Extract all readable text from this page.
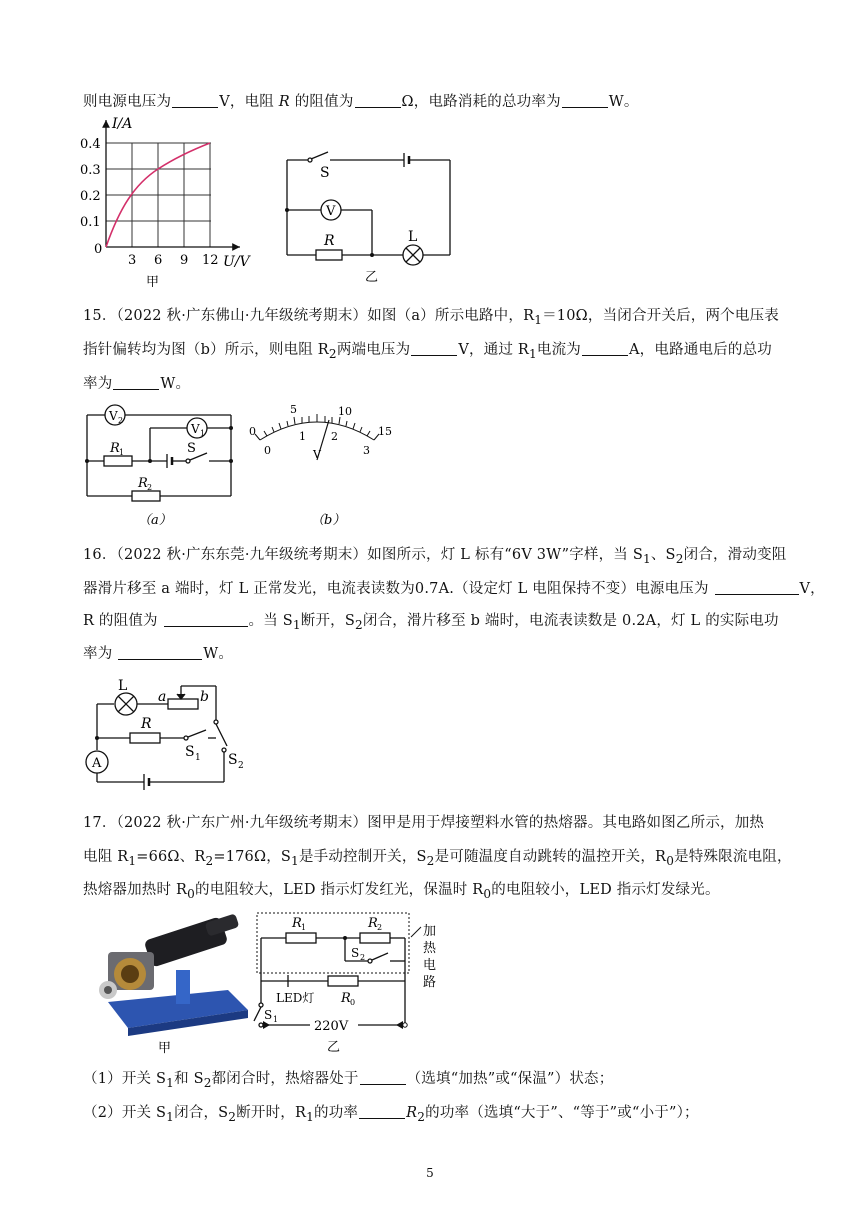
则电源电压为	V，电阻 R 的阻值为	Ω，电路消耗的总功率为	W。
I/A
0.4
0.3
0.2
0.1
0
3 6 9 12 U/V
甲
S
V
R	L
乙
15．（2022 秋·广东佛山·九年级统考期末）如图（a）所示电路中，$R_1=10\Omega$，当闭合开关后，两个电压表
指针偏转均为图（b）所示，则电阻 $R_2$两端电压为	V，通过 $R_1$电流为	A，电路通电后的总功
率为	W。
V 2
V 1
R 1	S
R 2
（a）
0
5	10
15
0
1 2
3
V
（b）
16．（2022 秋·广东东莞·九年级统考期末）如图所示，灯 L 标有“6V 3W”字样，当 $S_1$、$S_2$闭合，滑动变阻
器滑片移至 a 端时，灯 L 正常发光，电流表读数为0.7A.（设定灯 L 电阻保持不变）电源电压为	V，
R 的阻值为	。当 $S_1$断开，$S_2$闭合，滑片移至 b 端时，电流表读数是 0.2A，灯 L 的实际电功
率为	W。
L
a b
R
S 1 S 2
A
17．（2022 秋·广东广州·九年级统考期末）图甲是用于焊接塑料水管的热熔器。其电路如图乙所示，加热
电阻 $R_1=66\Omega$、$R_2=176\Omega$，$S_1$是手动控制开关，$S_2$是可随温度自动跳转的温控开关，$R_0$是特殊限流电阻，
热熔器加热时 $R_0$的电阻较大，LED 指示灯发红光，保温时 $R_0$的电阻较小，LED 指示灯发绿光。
甲
R 1	R 2
S 2
加
热
电
路
LED灯 R 0
S 1	220V
乙
（1）开关 $S_1$和 $S_2$都闭合时，热熔器处于	（选填“加热”或“保温”）状态；
（2）开关 $S_1$闭合，$S_2$断开时，$R_1$的功率	$R_2$的功率（选填“大于”、“等于”或“小于”）；
5
